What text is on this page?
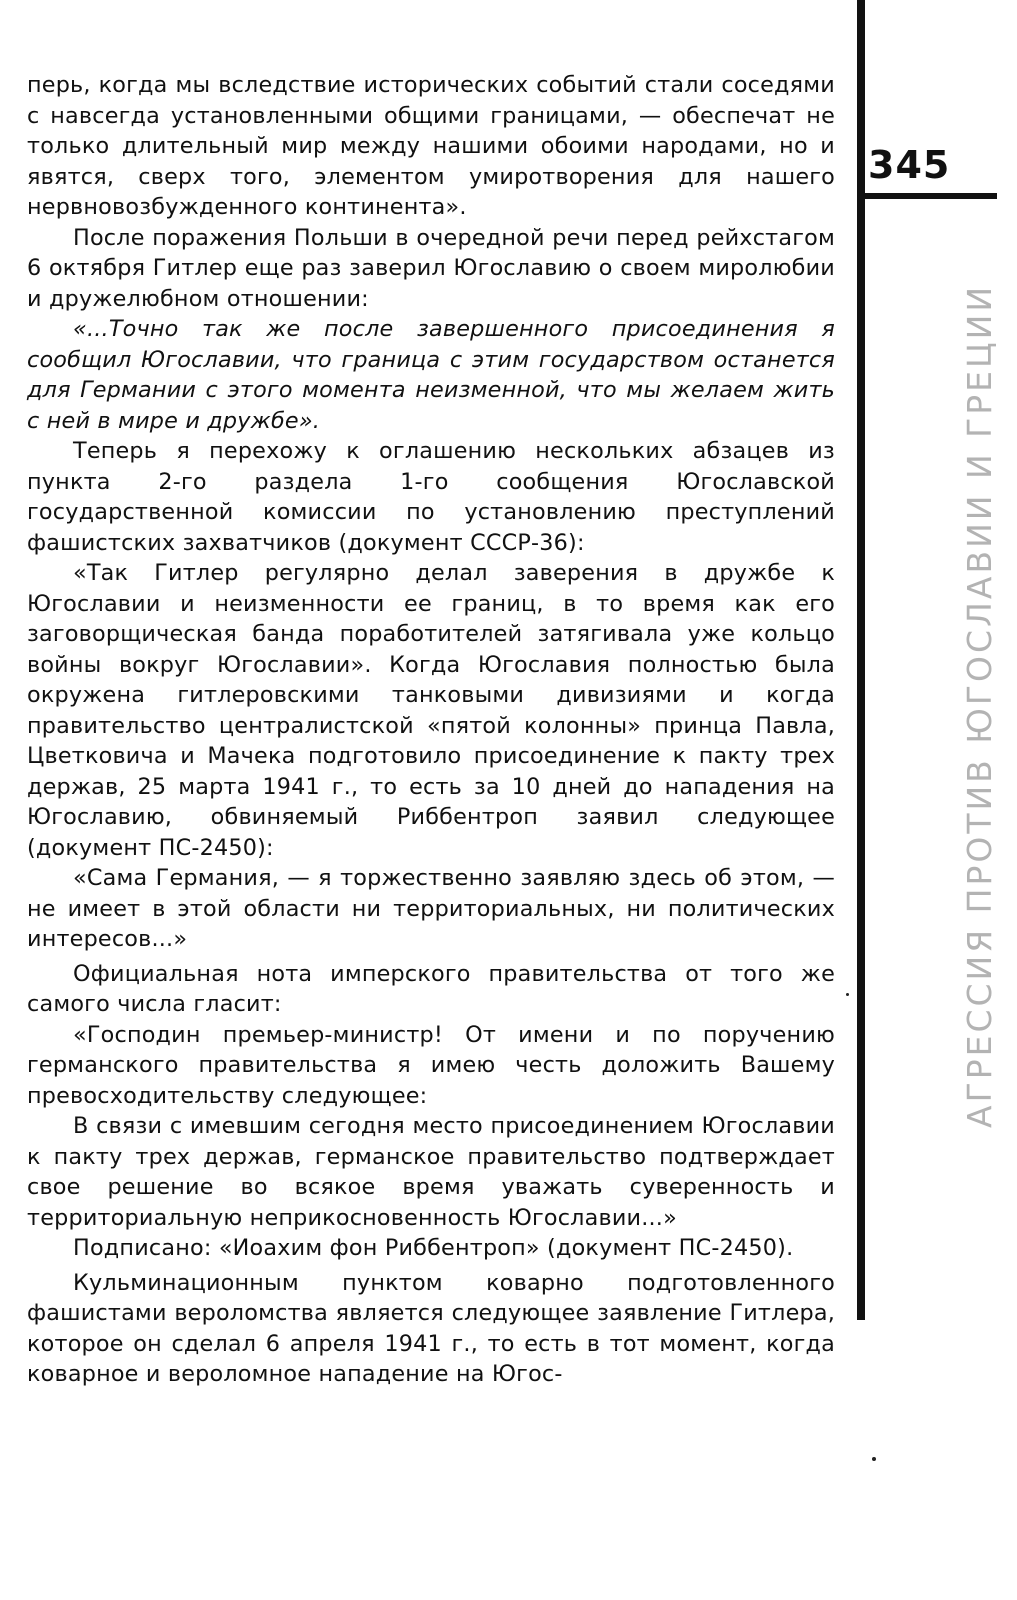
перь, когда мы вследствие исторических событий стали соседями с навсегда установленными общими границами, — обеспечат не только длительный мир между нашими обоими народами, но и явятся, сверх того, элементом умиротворения для нашего нервновозбужденного континента».

После поражения Польши в очередной речи перед рейхстагом 6 октября Гитлер еще раз заверил Югославию о своем миролюбии и дружелюбном отношении:

«...Точно так же после завершенного присоединения я сообщил Югославии, что граница с этим государством останется для Германии с этого момента неизменной, что мы желаем жить с ней в мире и дружбе».

Теперь я перехожу к оглашению нескольких абзацев из пункта 2-го раздела 1-го сообщения Югославской государственной комиссии по установлению преступлений фашистских захватчиков (документ СССР-36):

«Так Гитлер регулярно делал заверения в дружбе к Югославии и неизменности ее границ, в то время как его заговорщическая банда поработителей затягивала уже кольцо войны вокруг Югославии». Когда Югославия полностью была окружена гитлеровскими танковыми дивизиями и когда правительство централистской «пятой колонны» принца Павла, Цветковича и Мачека подготовило присоединение к пакту трех держав, 25 марта 1941 г., то есть за 10 дней до нападения на Югославию, обвиняемый Риббентроп заявил следующее (документ ПС-2450):

«Сама Германия, — я торжественно заявляю здесь об этом, — не имеет в этой области ни территориальных, ни политических интересов...»

Официальная нота имперского правительства от того же самого числа гласит:

«Господин премьер-министр! От имени и по поручению германского правительства я имею честь доложить Вашему превосходительству следующее:

В связи с имевшим сегодня место присоединением Югославии к пакту трех держав, германское правительство подтверждает свое решение во всякое время уважать суверенность и территориальную неприкосновенность Югославии...»

Подписано: «Иоахим фон Риббентроп» (документ ПС-2450).

Кульминационным пунктом коварно подготовленного фашистами вероломства является следующее заявление Гитлера, которое он сделал 6 апреля 1941 г., то есть в тот момент, когда коварное и вероломное нападение на Югос-

345
АГРЕССИЯ ПРОТИВ ЮГОСЛАВИИ И ГРЕЦИИ
